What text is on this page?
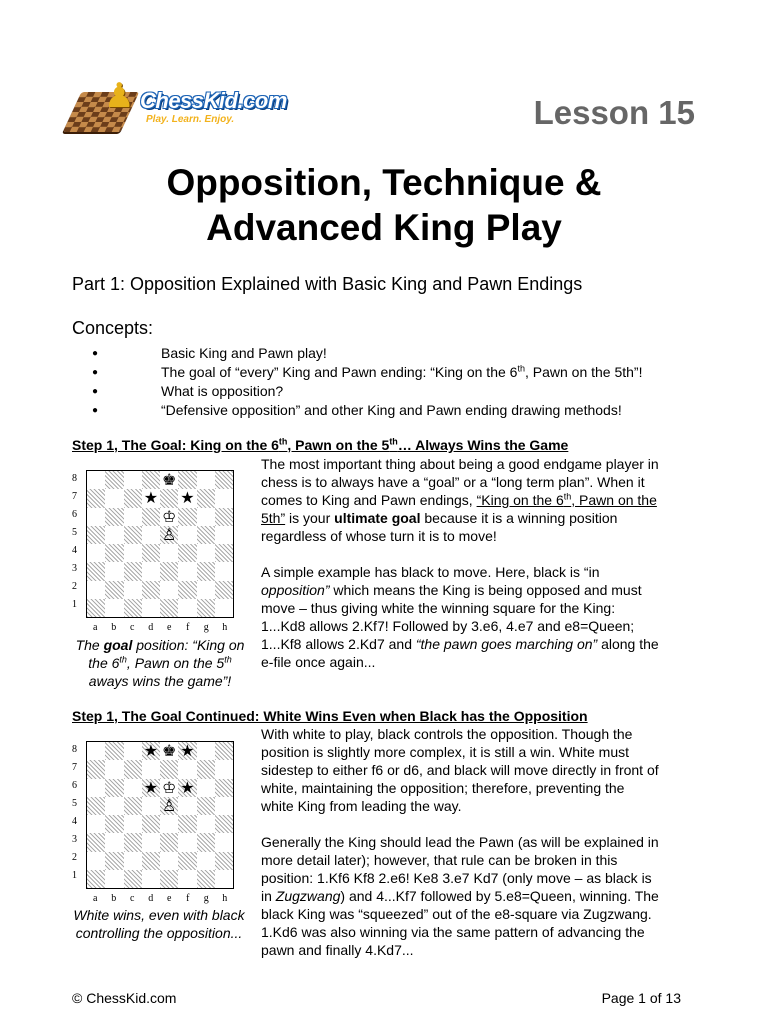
♟ ChessKid.com
Play. Learn. Enjoy.	Lesson 15
Opposition, Technique &
Advanced King Play
Part 1: Opposition Explained with Basic King and Pawn Endings
Concepts:
●	Basic King and Pawn play!
●	The goal of “every” King and Pawn ending: “King on the 6th, Pawn on the 5th”!
●	What is opposition?
●	“Defensive opposition” and other King and Pawn ending drawing methods!
Step 1, The Goal: King on the 6th, Pawn on the 5th… Always Wins the Game
8
7
6
5
4
3
2
1
♚
★ ★
♔
♙
a	b	c	d	e	f	g	h
The goal position: “King on the 6th, Pawn on the 5th aways wins the game”!

The most important thing about being a good endgame player in chess is to always have a “goal” or a “long term plan”. When it comes to King and Pawn endings, “King on the 6th, Pawn on the 5th” is your ultimate goal because it is a winning position regardless of whose turn it is to move!

A simple example has black to move. Here, black is “in opposition” which means the King is being opposed and must move – thus giving white the winning square for the King: 1...Kd8 allows 2.Kf7! Followed by 3.e6, 4.e7 and e8=Queen; 1...Kf8 allows 2.Kd7 and “the pawn goes marching on” along the e-file once again...

Step 1, The Goal Continued: White Wins Even when Black has the Opposition
8
7
6
5
4
3
2
1
★ ♚ ★
★ ♔ ★
♙
a	b	c	d	e	f	g	h
White wins, even with black controlling the opposition...

With white to play, black controls the opposition. Though the position is slightly more complex, it is still a win. White must sidestep to either f6 or d6, and black will move directly in front of white, maintaining the opposition; therefore, preventing the white King from leading the way.

Generally the King should lead the Pawn (as will be explained in more detail later); however, that rule can be broken in this position: 1.Kf6 Kf8 2.e6! Ke8 3.e7 Kd7 (only move – as black is in Zugzwang) and 4...Kf7 followed by 5.e8=Queen, winning. The black King was “squeezed” out of the e8-square via Zugzwang. 1.Kd6 was also winning via the same pattern of advancing the pawn and finally 4.Kd7...

© ChessKid.com	Page 1 of 13
